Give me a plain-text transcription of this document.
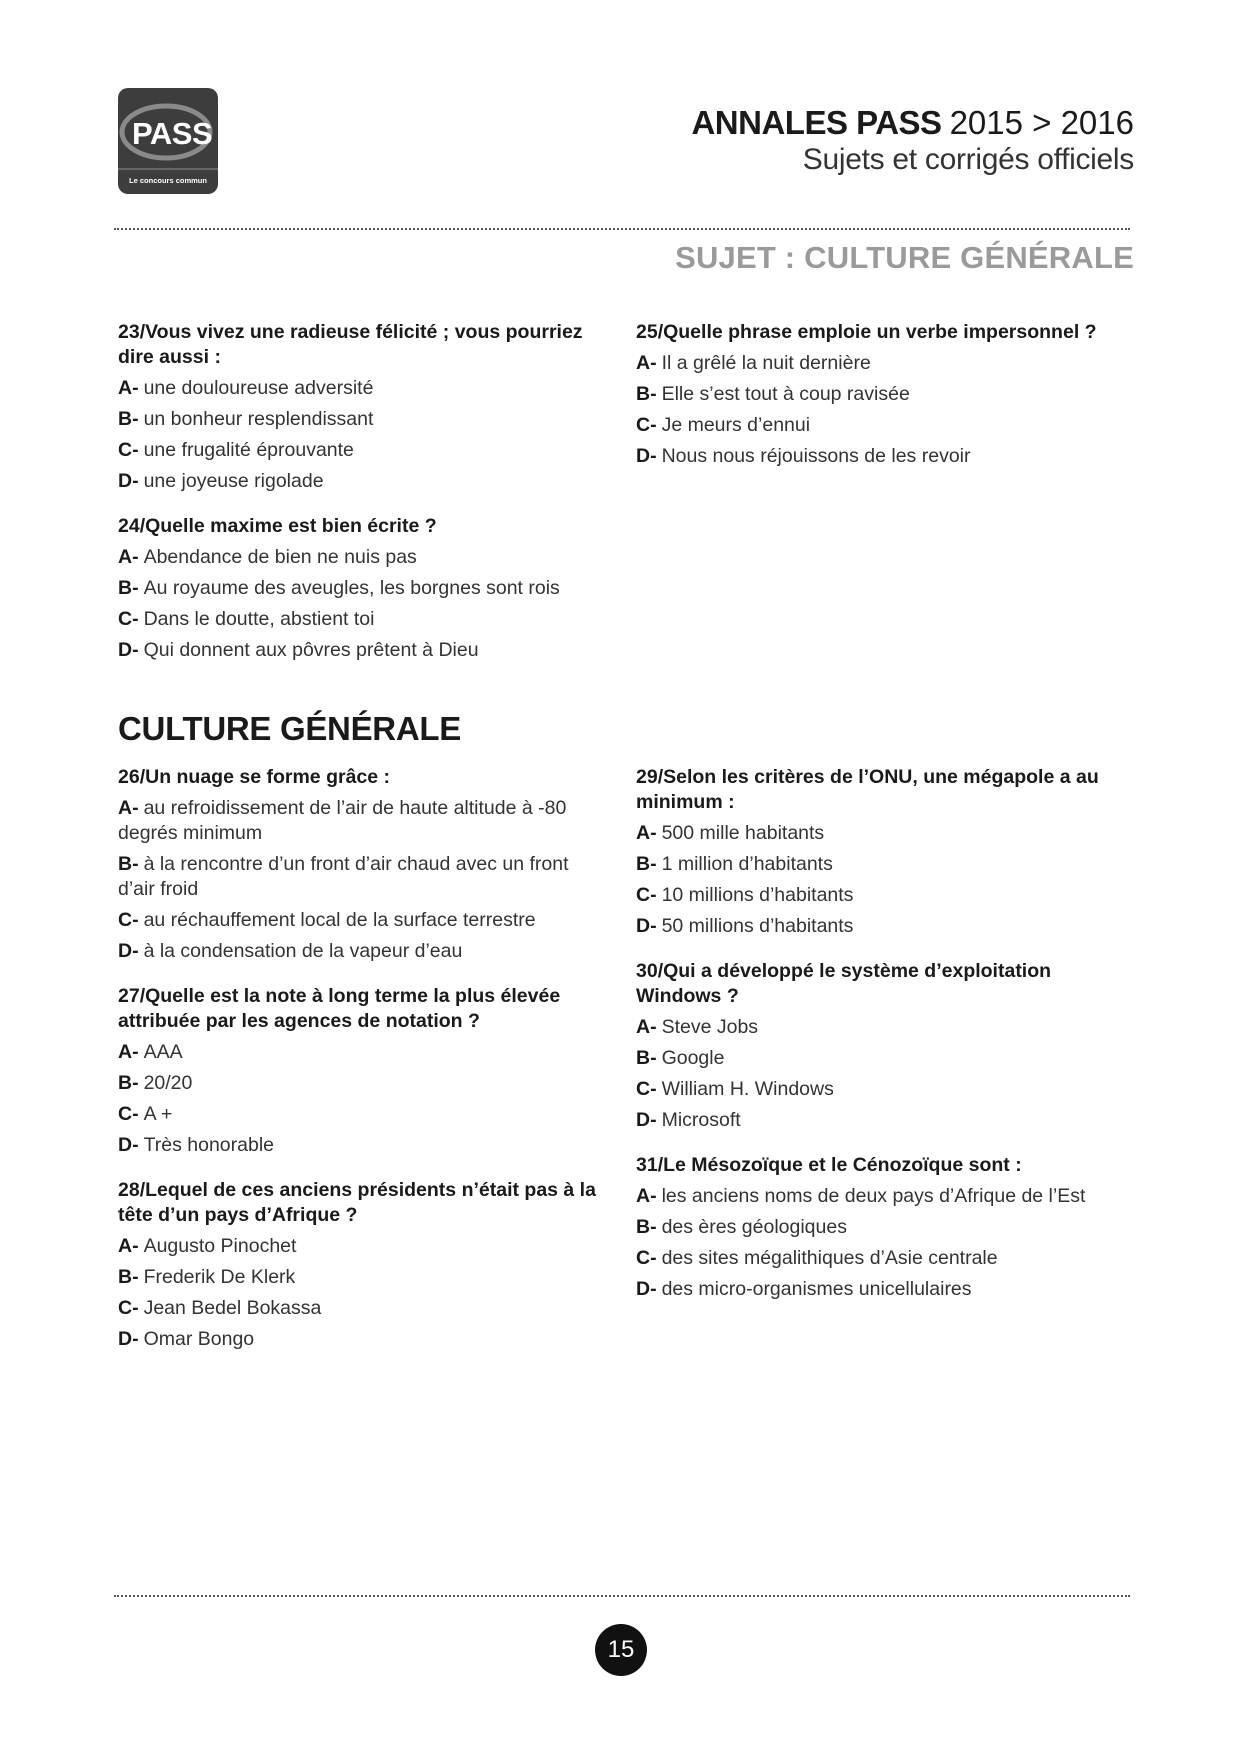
PASS
Le concours commun
ANNALES PASS 2015 > 2016
Sujets et corrigés officiels
SUJET : CULTURE GÉNÉRALE
23/Vous vivez une radieuse félicité ; vous pourriez dire aussi :
A- une douloureuse adversité
B- un bonheur resplendissant
C- une frugalité éprouvante
D- une joyeuse rigolade
24/Quelle maxime est bien écrite ?
A- Abendance de bien ne nuis pas
B- Au royaume des aveugles, les borgnes sont rois
C- Dans le doutte, abstient toi
D- Qui donnent aux pôvres prêtent à Dieu
25/Quelle phrase emploie un verbe impersonnel ?
A- Il a grêlé la nuit dernière
B- Elle s’est tout à coup ravisée
C- Je meurs d’ennui
D- Nous nous réjouissons de les revoir
CULTURE GÉNÉRALE
26/Un nuage se forme grâce :
A- au refroidissement de l’air de haute altitude à -80 degrés minimum
B- à la rencontre d’un front d’air chaud avec un front d’air froid
C- au réchauffement local de la surface terrestre
D- à la condensation de la vapeur d’eau
27/Quelle est la note à long terme la plus élevée attribuée par les agences de notation ?
A- AAA
B- 20/20
C- A +
D- Très honorable
28/Lequel de ces anciens présidents n’était pas à la tête d’un pays d’Afrique ?
A- Augusto Pinochet
B- Frederik De Klerk
C- Jean Bedel Bokassa
D- Omar Bongo
29/Selon les critères de l’ONU, une mégapole a au minimum :
A- 500 mille habitants
B- 1 million d’habitants
C- 10 millions d’habitants
D- 50 millions d’habitants
30/Qui a développé le système d’exploitation Windows ?
A- Steve Jobs
B- Google
C- William H. Windows
D- Microsoft
31/Le Mésozoïque et le Cénozoïque sont :
A- les anciens noms de deux pays d’Afrique de l’Est
B- des ères géologiques
C- des sites mégalithiques d’Asie centrale
D- des micro-organismes unicellulaires
15
